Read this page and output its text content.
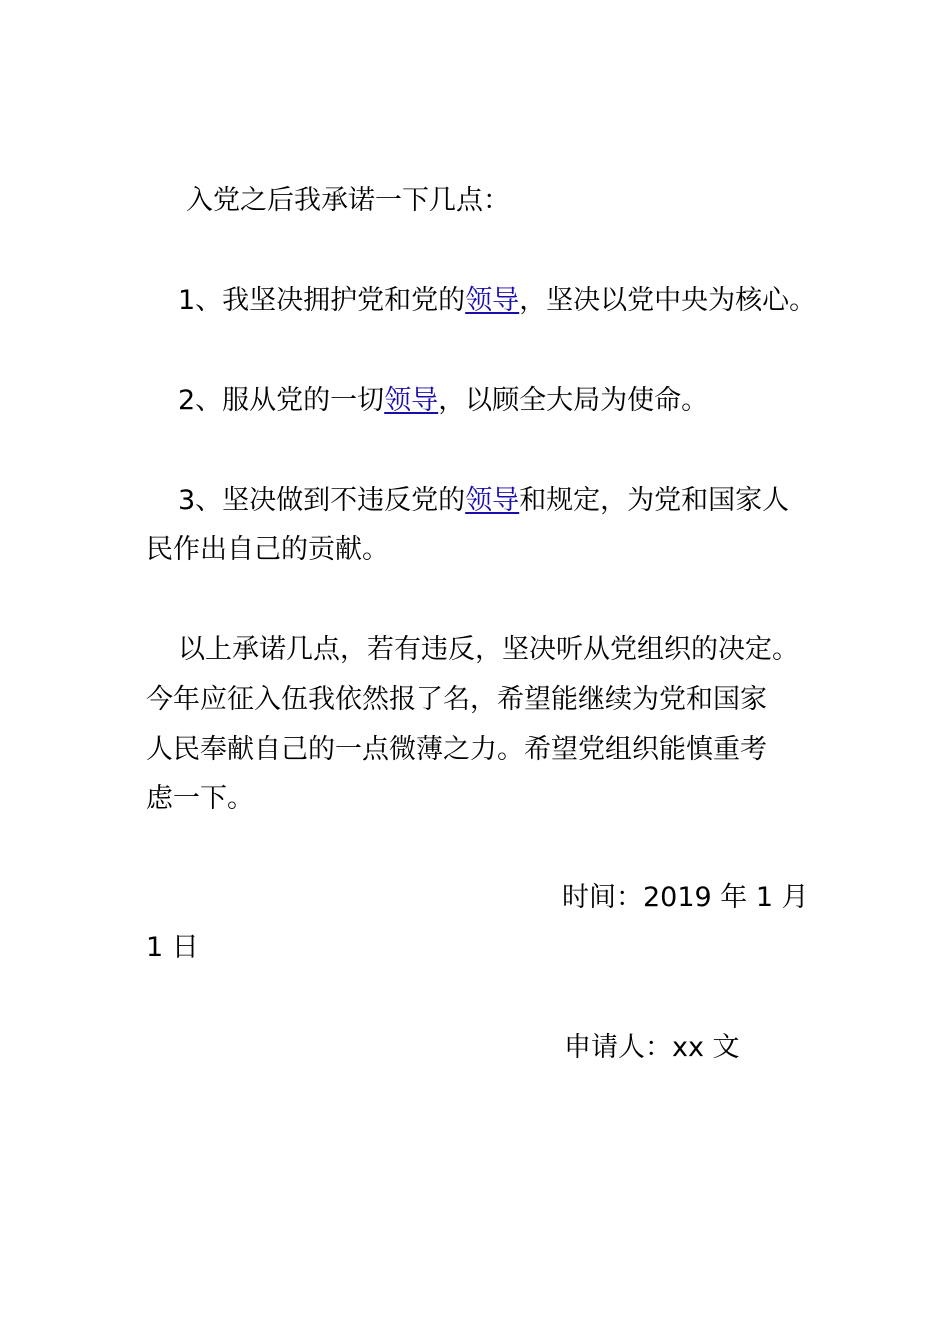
入党之后我承诺一下几点：
1、我坚决拥护党和党的领导，坚决以党中央为核心。
2、服从党的一切领导，以顾全大局为使命。
3、坚决做到不违反党的领导和规定，为党和国家人
民作出自己的贡献。
以上承诺几点，若有违反，坚决听从党组织的决定。
今年应征入伍我依然报了名，希望能继续为党和国家
人民奉献自己的一点微薄之力。希望党组织能慎重考
虑一下。
时间：2019 年 1 月
1 日
申请人：xx 文
